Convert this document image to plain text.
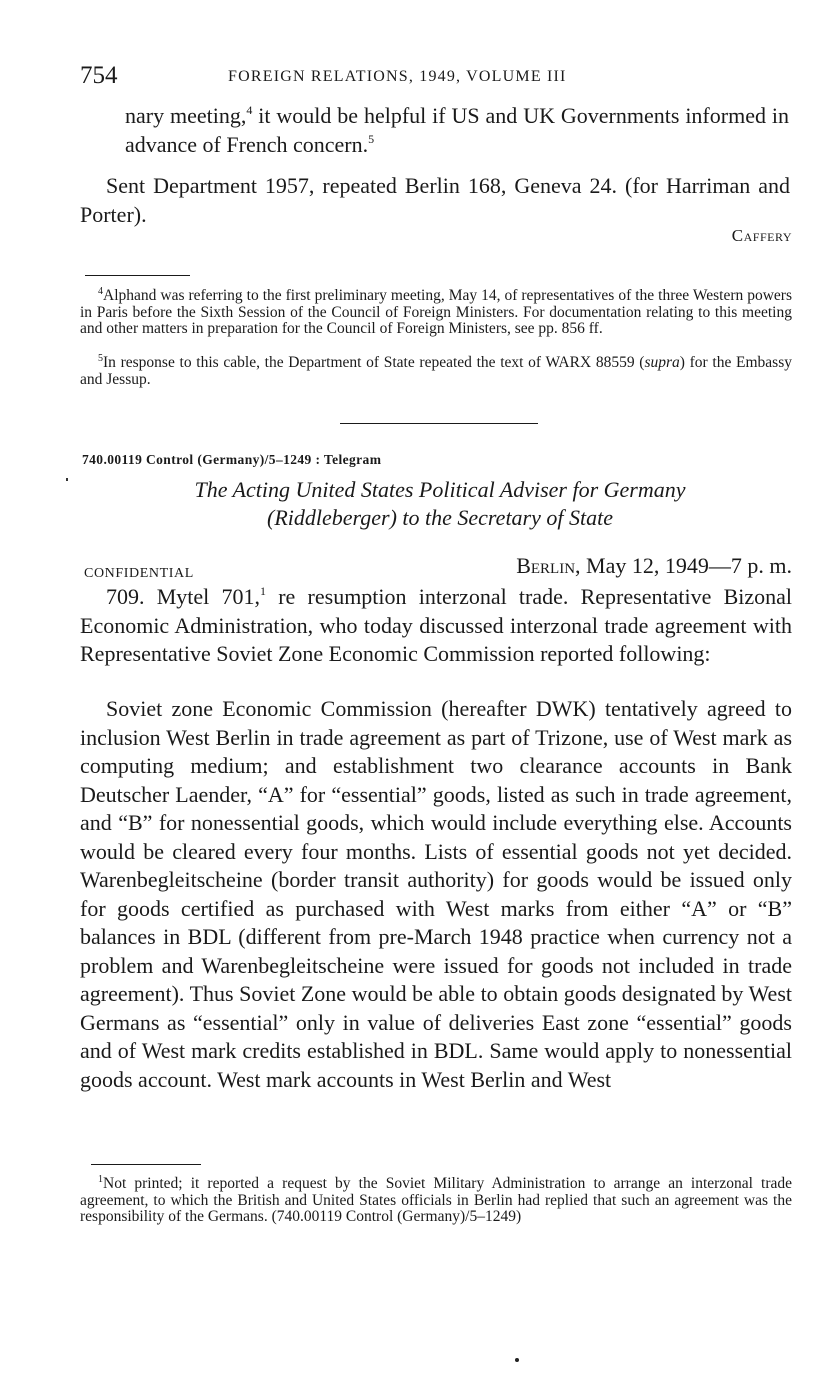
754	FOREIGN RELATIONS, 1949, VOLUME III

nary meeting,$^4$ it would be helpful if US and UK Governments informed in advance of French concern.$^5$

Sent Department 1957, repeated Berlin 168, Geneva 24. (for Harriman and Porter).

Caffery

$^4$Alphand was referring to the first preliminary meeting, May 14, of representatives of the three Western powers in Paris before the Sixth Session of the Council of Foreign Ministers. For documentation relating to this meeting and other matters in preparation for the Council of Foreign Ministers, see pp. 856 ff.

$^5$In response to this cable, the Department of State repeated the text of WARX 88559 (supra) for the Embassy and Jessup.

740.00119 Control (Germany)/5–1249 : Telegram
The Acting United States Political Adviser for Germany
(Riddleberger) to the Secretary of State
CONFIDENTIAL	Berlin, May 12, 1949—7 p. m.

709. Mytel 701,$^1$ re resumption interzonal trade. Representative Bizonal Economic Administration, who today discussed interzonal trade agreement with Representative Soviet Zone Economic Commission reported following:

Soviet zone Economic Commission (hereafter DWK) tentatively agreed to inclusion West Berlin in trade agreement as part of Trizone, use of West mark as computing medium; and establishment two clearance accounts in Bank Deutscher Laender, “A” for “essential” goods, listed as such in trade agreement, and “B” for nonessential goods, which would include everything else. Accounts would be cleared every four months. Lists of essential goods not yet decided. Warenbegleitscheine (border transit authority) for goods would be issued only for goods certified as purchased with West marks from either “A” or “B” balances in BDL (different from pre-March 1948 practice when currency not a problem and Warenbegleitscheine were issued for goods not included in trade agreement). Thus Soviet Zone would be able to obtain goods designated by West Germans as “essential” only in value of deliveries East zone “essential” goods and of West mark credits established in BDL. Same would apply to nonessential goods account. West mark accounts in West Berlin and West

$^1$Not printed; it reported a request by the Soviet Military Administration to arrange an interzonal trade agreement, to which the British and United States officials in Berlin had replied that such an agreement was the responsibility of the Germans. (740.00119 Control (Germany)/5–1249)
